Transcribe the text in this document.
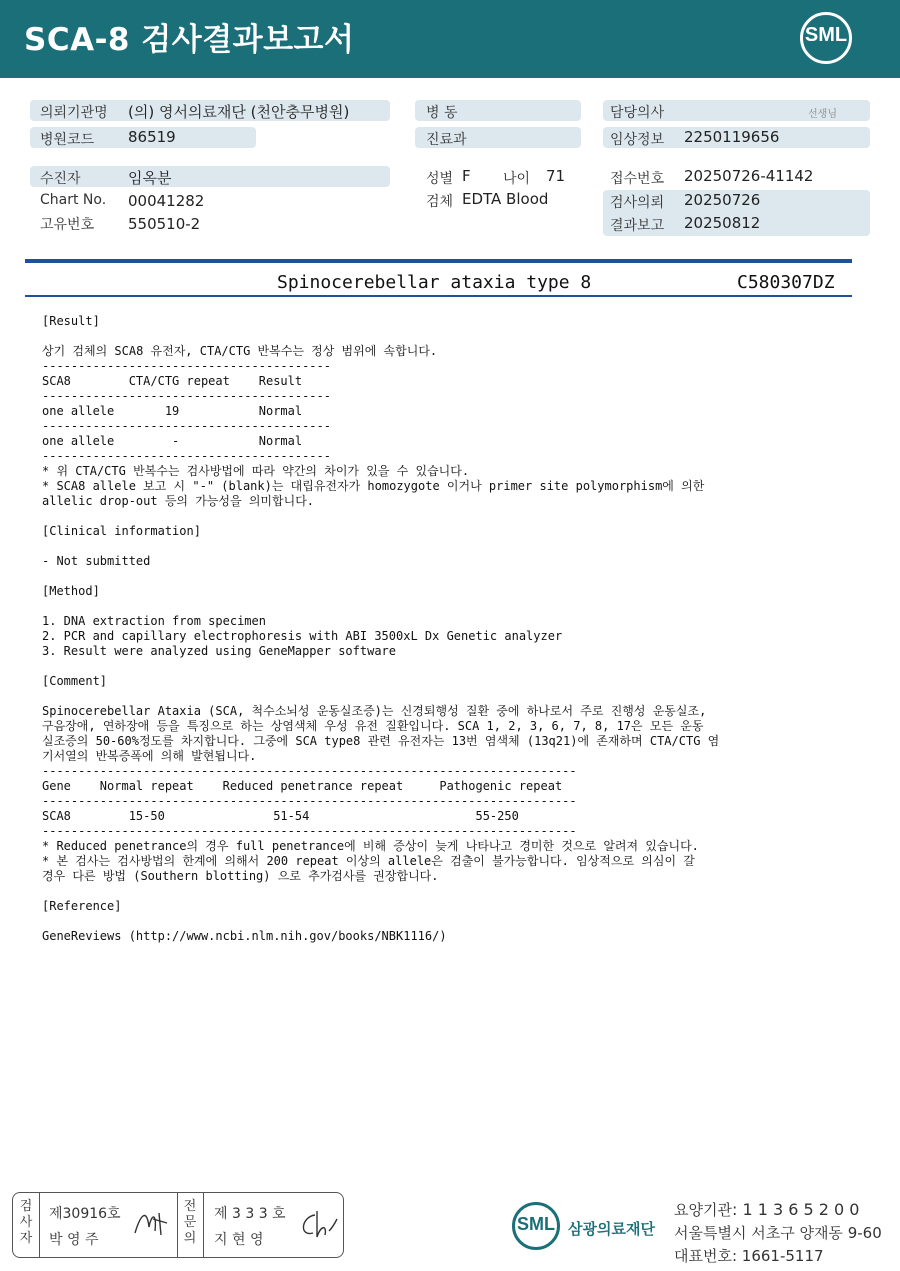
SCA-8 검사결과보고서	SML
의뢰기관명 (의) 영서의료재단 (천안충무병원)
병원코드 86519
수진자	임옥분
Chart No. 00041282
고유번호 550510-2
병 동
진료과
성별 F 나이 71
검체 EDTA Blood
담당의사	선생님
임상정보 2250119656
접수번호 20250726-41142
검사의뢰 20250726
결과보고 20250812
Spinocerebellar ataxia type 8	C580307DZ
[Result]
상기 검체의 SCA8 유전자, CTA/CTG 반복수는 정상 범위에 속합니다.
----------------------------------------
SCA8        CTA/CTG repeat    Result
----------------------------------------
one allele       19           Normal
----------------------------------------
one allele        -           Normal
----------------------------------------
* 위 CTA/CTG 반복수는 검사방법에 따라 약간의 차이가 있을 수 있습니다.
* SCA8 allele 보고 시 "-" (blank)는 대립유전자가 homozygote 이거나 primer site polymorphism에 의한
allelic drop-out 등의 가능성을 의미합니다.
[Clinical information]
- Not submitted
[Method]
1. DNA extraction from specimen
2. PCR and capillary electrophoresis with ABI 3500xL Dx Genetic analyzer
3. Result were analyzed using GeneMapper software
[Comment]
Spinocerebellar Ataxia (SCA, 척수소뇌성 운동실조증)는 신경퇴행성 질환 중에 하나로서 주로 진행성 운동실조,
구음장애, 연하장애 등을 특징으로 하는 상염색체 우성 유전 질환입니다. SCA 1, 2, 3, 6, 7, 8, 17은 모든 운동
실조증의 50-60%정도를 차지합니다. 그중에 SCA type8 관련 유전자는 13번 염색체 (13q21)에 존재하며 CTA/CTG 염
기서열의 반복증폭에 의해 발현됩니다.
--------------------------------------------------------------------------
Gene    Normal repeat    Reduced penetrance repeat     Pathogenic repeat
--------------------------------------------------------------------------
SCA8        15-50               51-54                       55-250
--------------------------------------------------------------------------
* Reduced penetrance의 경우 full penetrance에 비해 증상이 늦게 나타나고 경미한 것으로 알려져 있습니다.
* 본 검사는 검사방법의 한계에 의해서 200 repeat 이상의 allele은 검출이 불가능합니다. 임상적으로 의심이 갈
경우 다른 방법 (Southern blotting) 으로 추가검사를 권장합니다.
[Reference]
GeneReviews (http://www.ncbi.nlm.nih.gov/books/NBK1116/)
검사자
제30916호
박 영 주
전문의
제 3 3 3 호
지 현 영
SML 삼광의료재단
요양기관: 1 1 3 6 5 2 0 0
서울특별시 서초구 양재동 9-60
대표번호: 1661-5117
